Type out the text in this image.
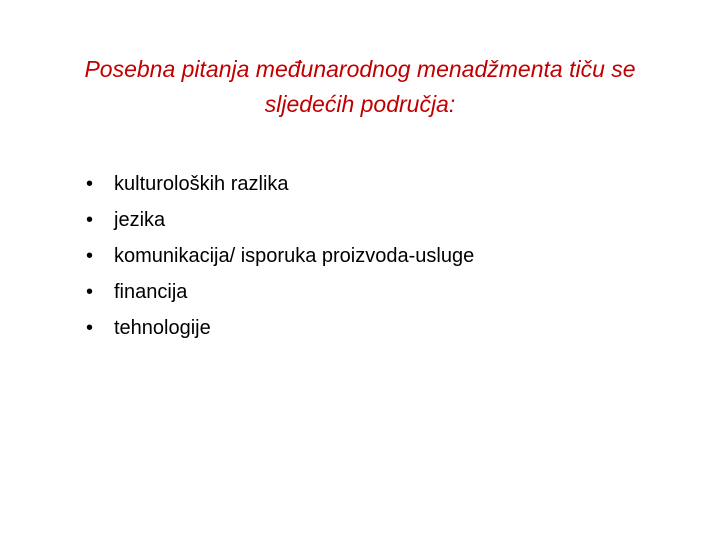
Posebna pitanja međunarodnog menadžmenta tiču se
sljedećih područja:
•	kulturoloških razlika
•	jezika
•	komunikacija/ isporuka proizvoda-usluge
•	financija
•	tehnologije
